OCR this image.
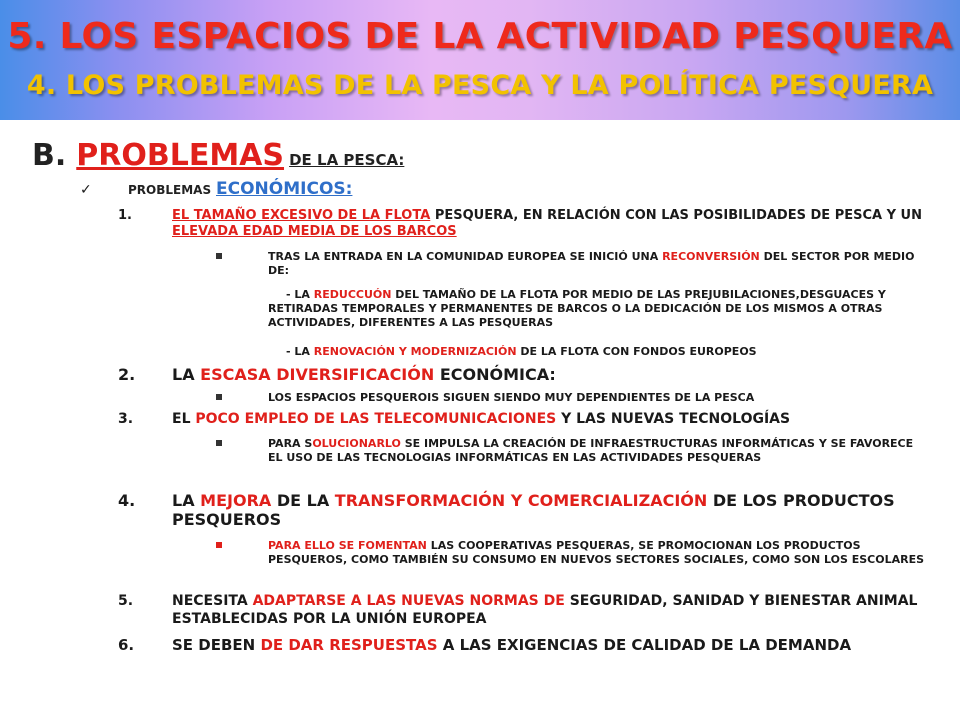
5. LOS ESPACIOS DE LA ACTIVIDAD PESQUERA
4. LOS PROBLEMAS DE LA PESCA Y LA POLÍTICA PESQUERA
B. PROBLEMAS DE LA PESCA:
✓	PROBLEMAS ECONÓMICOS:
1.	EL TAMAÑO EXCESIVO DE LA FLOTA PESQUERA, EN RELACIÓN CON LAS POSIBILIDADES DE PESCA Y UN ELEVADA EDAD MEDIA DE LOS BARCOS
TRAS LA ENTRADA EN LA COMUNIDAD EUROPEA SE INICIÓ UNA RECONVERSIÓN DEL SECTOR POR MEDIO DE:
- LA REDUCCUÓN DEL TAMAÑO DE LA FLOTA POR MEDIO DE LAS PREJUBILACIONES,DESGUACES Y RETIRADAS TEMPORALES Y PERMANENTES DE BARCOS O LA DEDICACIÓN DE LOS MISMOS A OTRAS ACTIVIDADES, DIFERENTES A LAS PESQUERAS
- LA RENOVACIÓN Y MODERNIZACIÓN DE LA FLOTA CON FONDOS EUROPEOS
2. LA ESCASA DIVERSIFICACIÓN ECONÓMICA:
LOS ESPACIOS PESQUEROIS SIGUEN SIENDO MUY DEPENDIENTES DE LA PESCA
3.	EL POCO EMPLEO DE LAS TELECOMUNICACIONES Y LAS NUEVAS TECNOLOGÍAS
PARA SOLUCIONARLO SE IMPULSA LA CREACIÓN DE INFRAESTRUCTURAS INFORMÁTICAS Y SE FAVORECE EL USO DE LAS TECNOLOGIAS INFORMÁTICAS EN LAS ACTIVIDADES PESQUERAS
4. LA MEJORA DE LA TRANSFORMACIÓN Y COMERCIALIZACIÓN DE LOS PRODUCTOS PESQUEROS
PARA ELLO SE FOMENTAN LAS COOPERATIVAS PESQUERAS, SE PROMOCIONAN LOS PRODUCTOS PESQUEROS, COMO TAMBIÉN SU CONSUMO EN NUEVOS SECTORES SOCIALES, COMO SON LOS ESCOLARES
5.	NECESITA ADAPTARSE A LAS NUEVAS NORMAS DE SEGURIDAD, SANIDAD Y BIENESTAR ANIMAL ESTABLECIDAS POR LA UNIÓN EUROPEA
6.	SE DEBEN DE DAR RESPUESTAS A LAS EXIGENCIAS DE CALIDAD DE LA DEMANDA
